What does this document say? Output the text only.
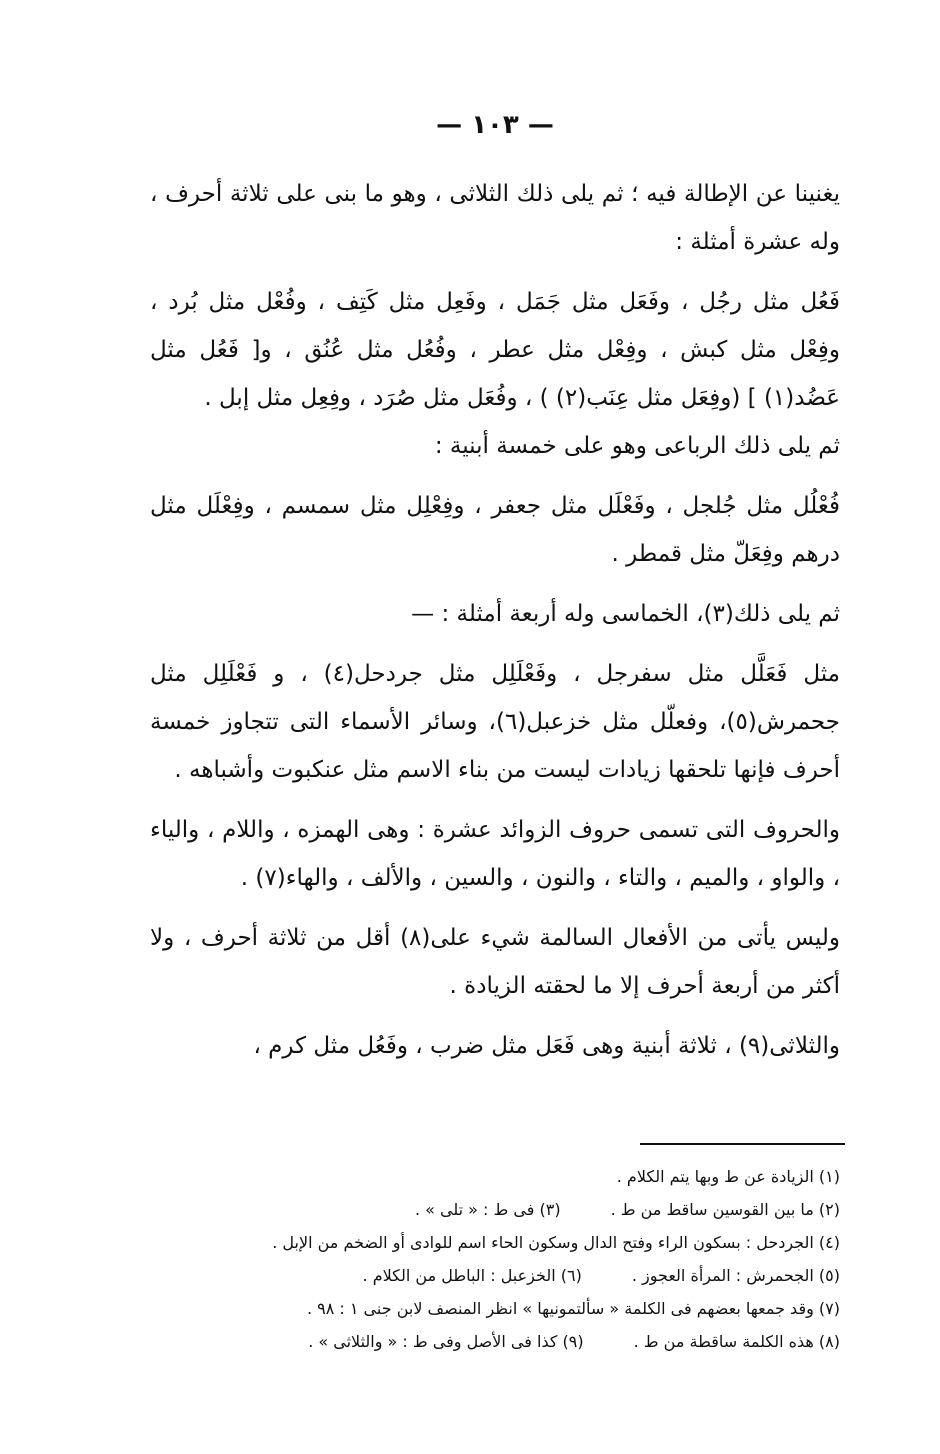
— ١٠٣ —

يغنينا عن الإطالة فيه ؛ ثم يلى ذلك الثلاثى ، وهو ما بنى على ثلاثة أحرف ، وله عشرة أمثلة :

فَعُل مثل رجُل ، وفَعَل مثل جَمَل ، وفَعِل مثل كَتِف ، وفُعْل مثل بُرد ، وفِعْل مثل كبش ، وفِعْل مثل عطر ، وفُعُل مثل عُنُق ، و[ فَعُل مثل عَضُد(١) ] (وفِعَل مثل عِنَب(٢) ) ، وفُعَل مثل صُرَد ، وفِعِل مثل إبل .

ثم يلى ذلك الرباعى وهو على خمسة أبنية :

فُعْلُل مثل جُلجل ، وفَعْلَل مثل جعفر ، وفِعْلِل مثل سمسم ، وفِعْلَل مثل درهم وفِعَلّ مثل قمطر .

ثم يلى ذلك(٣)، الخماسى وله أربعة أمثلة : —

مثل فَعَلَّل مثل سفرجل ، وفَعْلَلِل مثل جردحل(٤) ، و فَعْلَلِل مثل جحمرش(٥)، وفعلّل مثل خزعبل(٦)، وسائر الأسماء التى تتجاوز خمسة أحرف فإنها تلحقها زيادات ليست من بناء الاسم مثل عنكبوت وأشباهه .

والحروف التى تسمى حروف الزوائد عشرة : وهى الهمزه ، واللام ، والياء ، والواو ، والميم ، والتاء ، والنون ، والسين ، والألف ، والهاء(٧) .

وليس يأتى من الأفعال السالمة شيء على(٨) أقل من ثلاثة أحرف ، ولا أكثر من أربعة أحرف إلا ما لحقته الزيادة .

والثلاثى(٩) ، ثلاثة أبنية وهى فَعَل مثل ضرب ، وفَعُل مثل كرم ،

(١) الزيادة عن ط وبها يتم الكلام .
(٢) ما بين القوسين ساقط من ط .
(٣) فى ط : « تلى » .
(٤) الجردحل : بسكون الراء وفتح الدال وسكون الحاء اسم للوادى أو الضخم من الإبل .
(٥) الجحمرش : المرأة العجوز .
(٦) الخزعبل : الباطل من الكلام .
(٧) وقد جمعها بعضهم فى الكلمة « سألتمونيها » انظر المنصف لابن جنى ١ : ٩٨ .
(٨) هذه الكلمة ساقطة من ط .
(٩) كذا فى الأصل وفى ط : « والثلاثى » .
